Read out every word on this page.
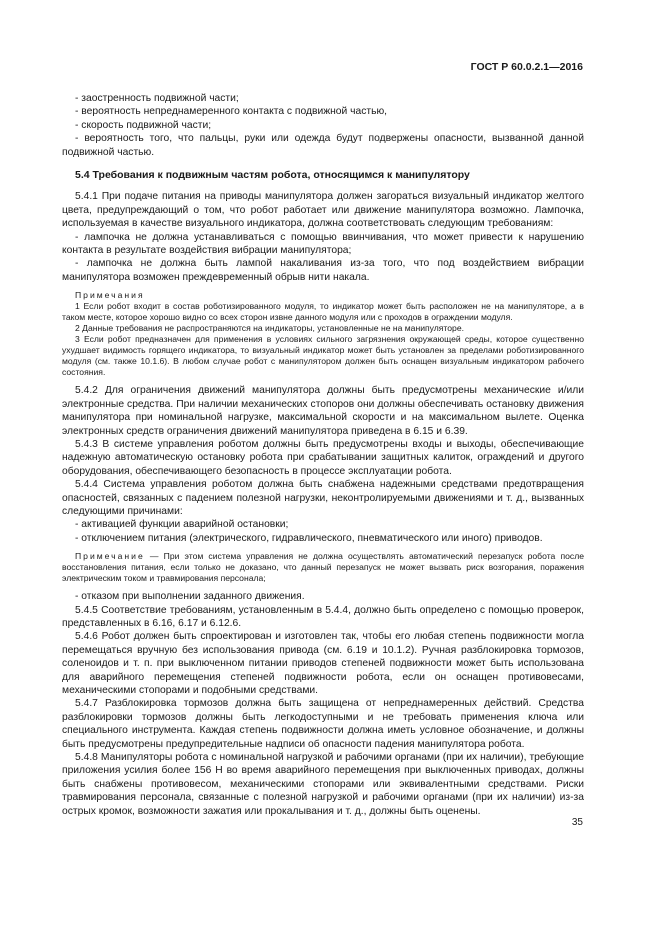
ГОСТ Р 60.0.2.1—2016

- заостренность подвижной части;

- вероятность непреднамеренного контакта с подвижной частью,

- скорость подвижной части;

- вероятность того, что пальцы, руки или одежда будут подвержены опасности, вызванной данной подвижной частью.

5.4 Требования к подвижным частям робота, относящимся к манипулятору

5.4.1 При подаче питания на приводы манипулятора должен загораться визуальный индикатор желтого цвета, предупреждающий о том, что робот работает или движение манипулятора возможно. Лампочка, используемая в качестве визуального индикатора, должна соответствовать следующим требованиям:

- лампочка не должна устанавливаться с помощью ввинчивания, что может привести к нарушению контакта в результате воздействия вибрации манипулятора;

- лампочка не должна быть лампой накаливания из-за того, что под воздействием вибрации манипулятора возможен преждевременный обрыв нити накала.

Примечания

1 Если робот входит в состав роботизированного модуля, то индикатор может быть расположен не на манипуляторе, а в таком месте, которое хорошо видно со всех сторон извне данного модуля или с проходов в ограждении модуля.

2 Данные требования не распространяются на индикаторы, установленные не на манипуляторе.

3 Если робот предназначен для применения в условиях сильного загрязнения окружающей среды, которое существенно ухудшает видимость горящего индикатора, то визуальный индикатор может быть установлен за пределами роботизированного модуля (см. также 10.1.6). В любом случае робот с манипулятором должен быть оснащен визуальным индикатором рабочего состояния.

5.4.2 Для ограничения движений манипулятора должны быть предусмотрены механические и/или электронные средства. При наличии механических стопоров они должны обеспечивать остановку движения манипулятора при номинальной нагрузке, максимальной скорости и на максимальном вылете. Оценка электронных средств ограничения движений манипулятора приведена в 6.15 и 6.39.

5.4.3 В системе управления роботом должны быть предусмотрены входы и выходы, обеспечивающие надежную автоматическую остановку робота при срабатывании защитных калиток, ограждений и другого оборудования, обеспечивающего безопасность в процессе эксплуатации робота.

5.4.4 Система управления роботом должна быть снабжена надежными средствами предотвращения опасностей, связанных с падением полезной нагрузки, неконтролируемыми движениями и т. д., вызванных следующими причинами:

- активацией функции аварийной остановки;

- отключением питания (электрического, гидравлического, пневматического или иного) приводов.

Примечание — При этом системa управления не должна осуществлять автоматический перезапуск робота после восстановления питания, если только не доказано, что данный перезапуск не может вызвать риск возгорания, поражения электрическим током и травмирования персонала;

- отказом при выполнении заданного движения.

5.4.5 Соответствие требованиям, установленным в 5.4.4, должно быть определено с помощью проверок, представленных в 6.16, 6.17 и 6.12.6.

5.4.6 Робот должен быть спроектирован и изготовлен так, чтобы его любая степень подвижности могла перемещаться вручную без использования привода (см. 6.19 и 10.1.2). Ручная разблокировка тормозов, соленоидов и т. п. при выключенном питании приводов степеней подвижности может быть использована для аварийного перемещения степеней подвижности робота, если он оснащен противовесами, механическими стопорами и подобными средствами.

5.4.7 Разблокировка тормозов должна быть защищена от непреднамеренных действий. Средства разблокировки тормозов должны быть легкодоступными и не требовать применения ключа или специального инструмента. Каждая степень подвижности должна иметь условное обозначение, и должны быть предусмотрены предупредительные надписи об опасности падения манипулятора робота.

5.4.8 Манипуляторы робота с номинальной нагрузкой и рабочими органами (при их наличии), требующие приложения усилия более 156 Н во время аварийного перемещения при выключенных приводах, должны быть снабжены противовесом, механическими стопорами или эквивалентными средствами. Риски травмирования персонала, связанные с полезной нагрузкой и рабочими органами (при их наличии) из-за острых кромок, возможности зажатия или прокалывания и т. д., должны быть оценены.

35
